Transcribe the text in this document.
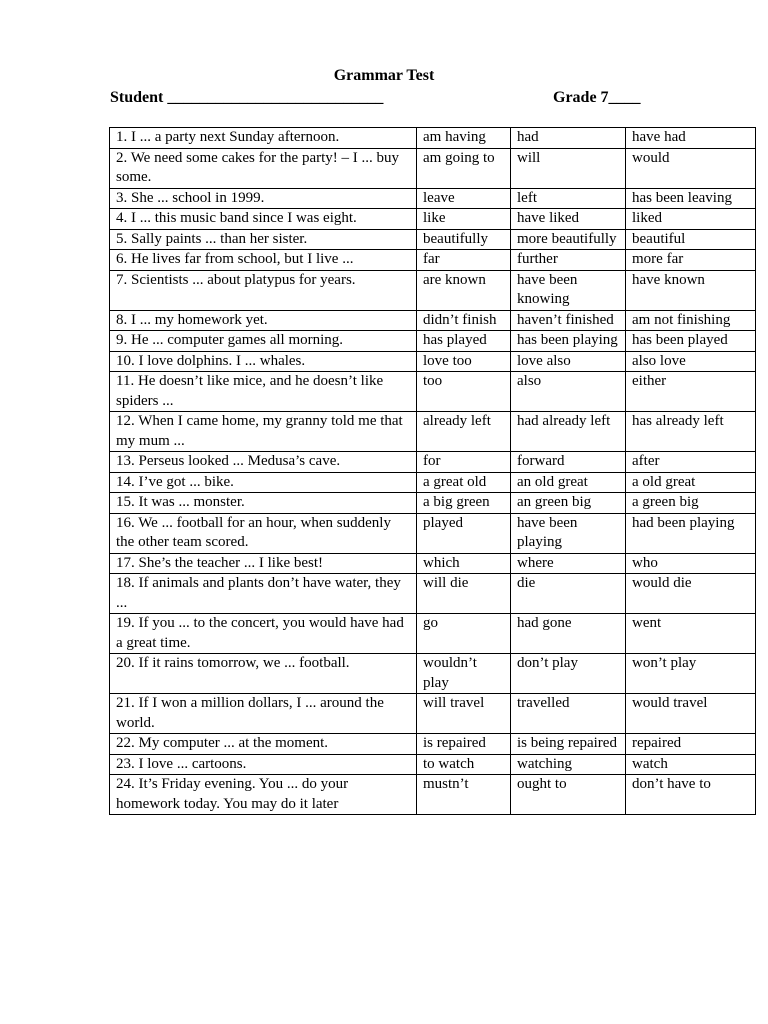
Grammar Test
Student ___________________________	Grade 7____
1. I ... a party next Sunday afternoon.	am having	had	have had
2. We need some cakes for the party! – I ... buy some.	am going to	will	would
3. She ... school in 1999.	leave	left	has been leaving
4. I ... this music band since I was eight.	like	have liked	liked
5. Sally paints ... than her sister.	beautifully	more beautifully	beautiful
6. He lives far from school, but I live ...	far	further	more far
7. Scientists ... about platypus for years.	are known	have been knowing	have known
8. I ... my homework yet.	didn’t finish	haven’t finished	am not finishing
9. He ... computer games all morning.	has played	has been playing	has been played
10. I love dolphins. I ... whales.	love too	love also	also love
11. He doesn’t like mice, and he doesn’t like spiders ...	too	also	either
12. When I came home, my granny told me that my mum ...	already left	had already left	has already left
13. Perseus looked ... Medusa’s cave.	for	forward	after
14. I’ve got ... bike.	a great old	an old great	a old great
15. It was ... monster.	a big green	an green big	a green big
16. We ... football for an hour, when suddenly the other team scored.	played	have been playing	had been playing
17. She’s the teacher ... I like best!	which	where	who
18. If animals and plants don’t have water, they ...	will die	die	would die
19. If you ... to the concert, you would have had a great time.	go	had gone	went
20. If it rains tomorrow, we ... football.	wouldn’t play	don’t play	won’t play
21. If I won a million dollars, I ... around the world.	will travel	travelled	would travel
22. My computer ... at the moment.	is repaired	is being repaired	repaired
23. I love ... cartoons.	to watch	watching	watch
24. It’s Friday evening. You ... do your homework today. You may do it later	mustn’t	ought to	don’t have to
